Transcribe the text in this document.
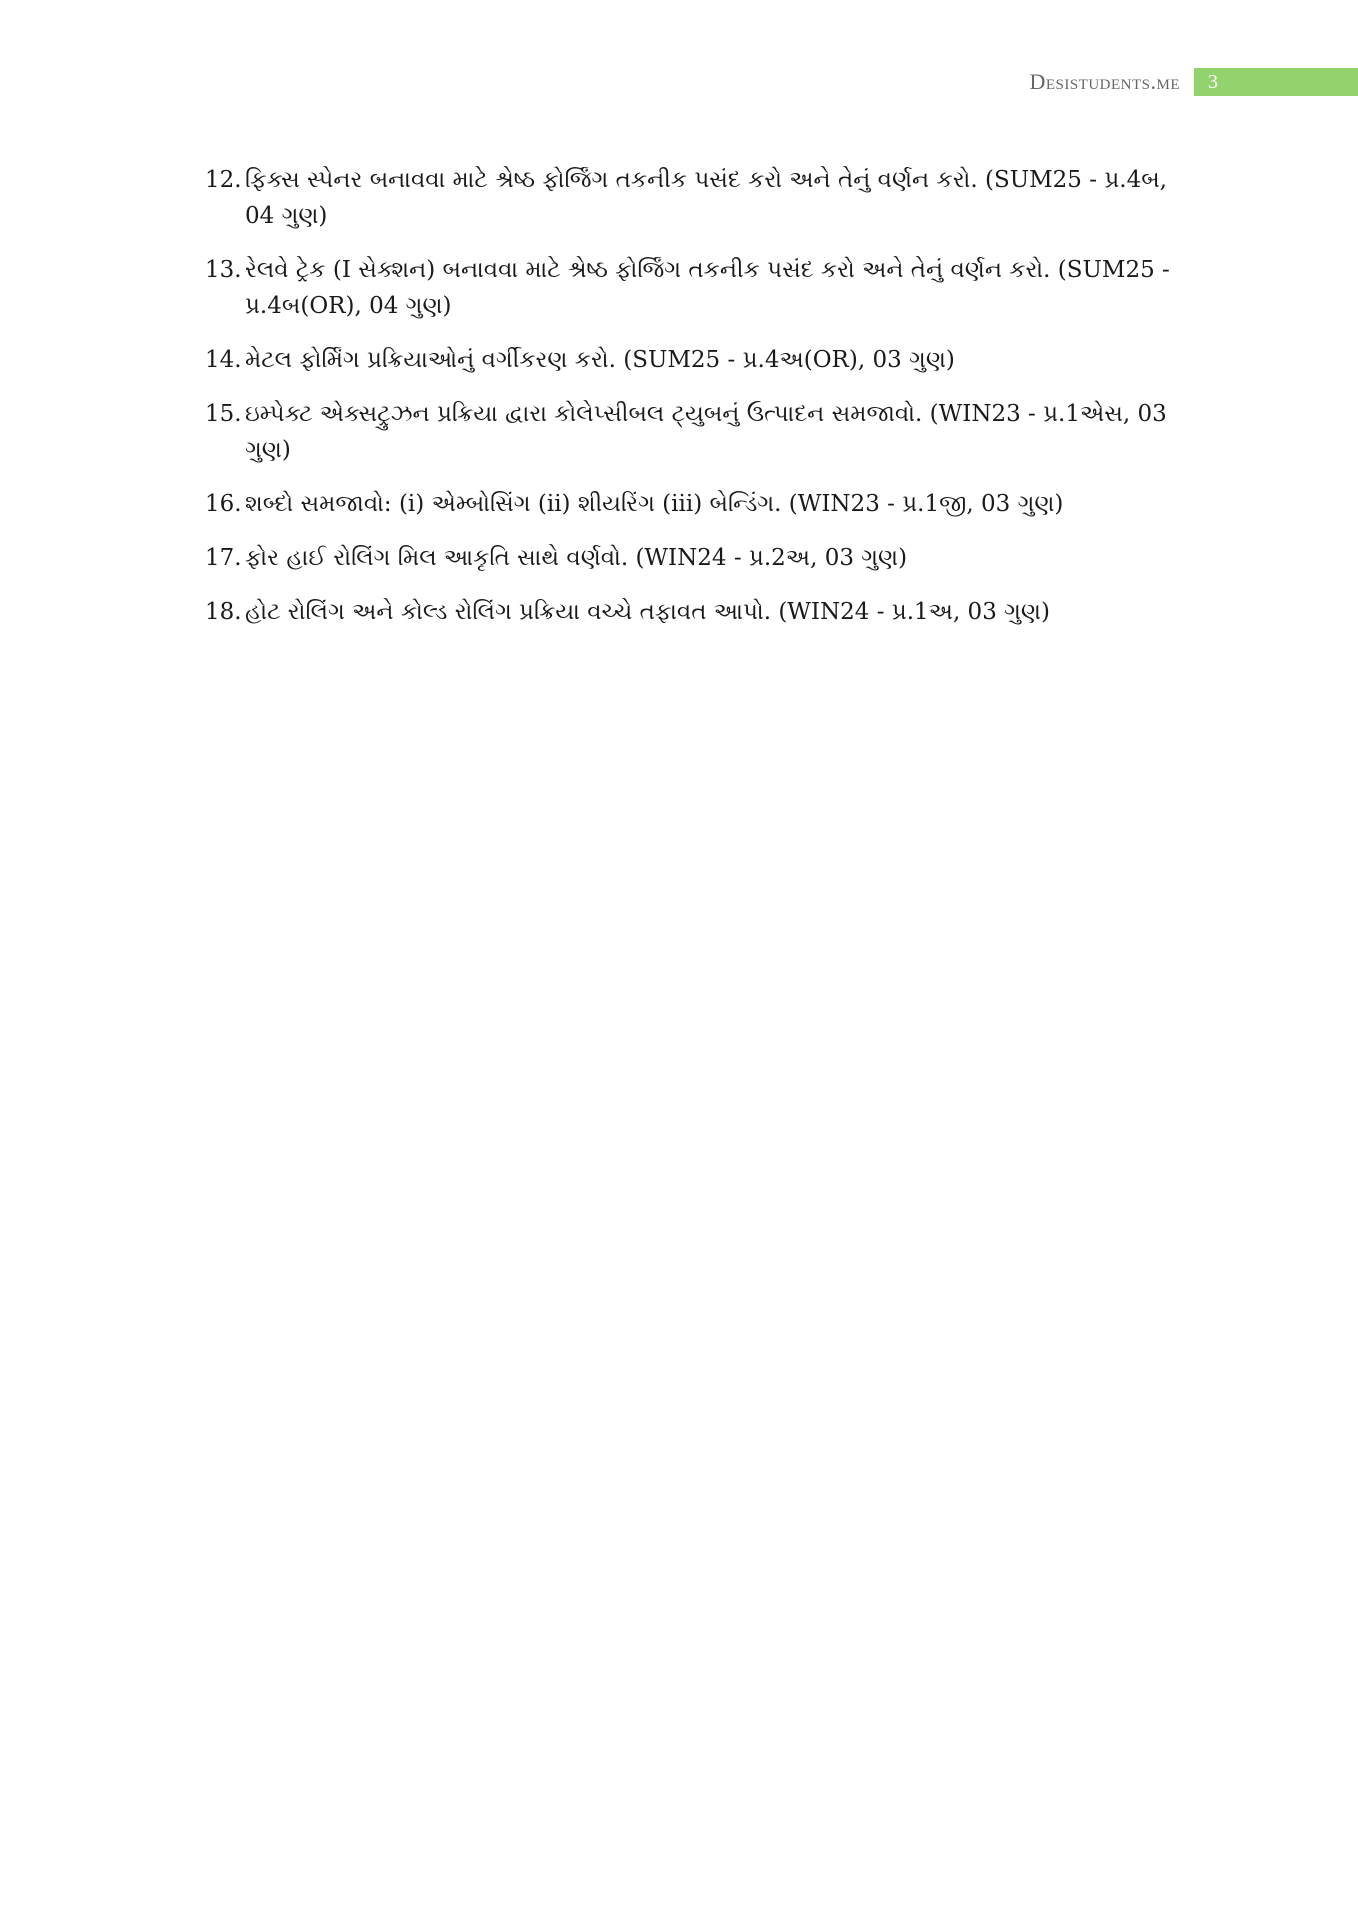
Desistudents.me	3
12. ફિક્સ સ્પેનર બનાવવા માટે શ્રેષ્ઠ ફોર્જિંગ તકનીક પસંદ કરો અને તેનું વર્ણન કરો. (SUM25 - પ્ર.4બ, 04 ગુણ)
13. રેલવે ટ્રેક (I સેક્શન) બનાવવા માટે શ્રેષ્ઠ ફોર્જિંગ તકનીક પસંદ કરો અને તેનું વર્ણન કરો. (SUM25 - પ્ર.4બ(OR), 04 ગુણ)
14. મેટલ ફોર્મિંગ પ્રક્રિયાઓનું વર્ગીકરણ કરો. (SUM25 - પ્ર.4અ(OR), 03 ગુણ)
15. ઇમ્પેક્ટ એક્સટ્રુઝન પ્રક્રિયા દ્વારા કોલેપ્સીબલ ટ્યુબનું ઉત્પાદન સમજાવો. (WIN23 - પ્ર.1એસ, 03 ગુણ)
16. શબ્દો સમજાવો: (i) એમ્બોસિંગ (ii) શીયરિંગ (iii) બેન્ડિંગ. (WIN23 - પ્ર.1જી, 03 ગુણ)
17. ફોર હાઈ રોલિંગ મિલ આકૃતિ સાથે વર્ણવો. (WIN24 - પ્ર.2અ, 03 ગુણ)
18. હોટ રોલિંગ અને કોલ્ડ રોલિંગ પ્રક્રિયા વચ્ચે તફાવત આપો. (WIN24 - પ્ર.1અ, 03 ગુણ)
